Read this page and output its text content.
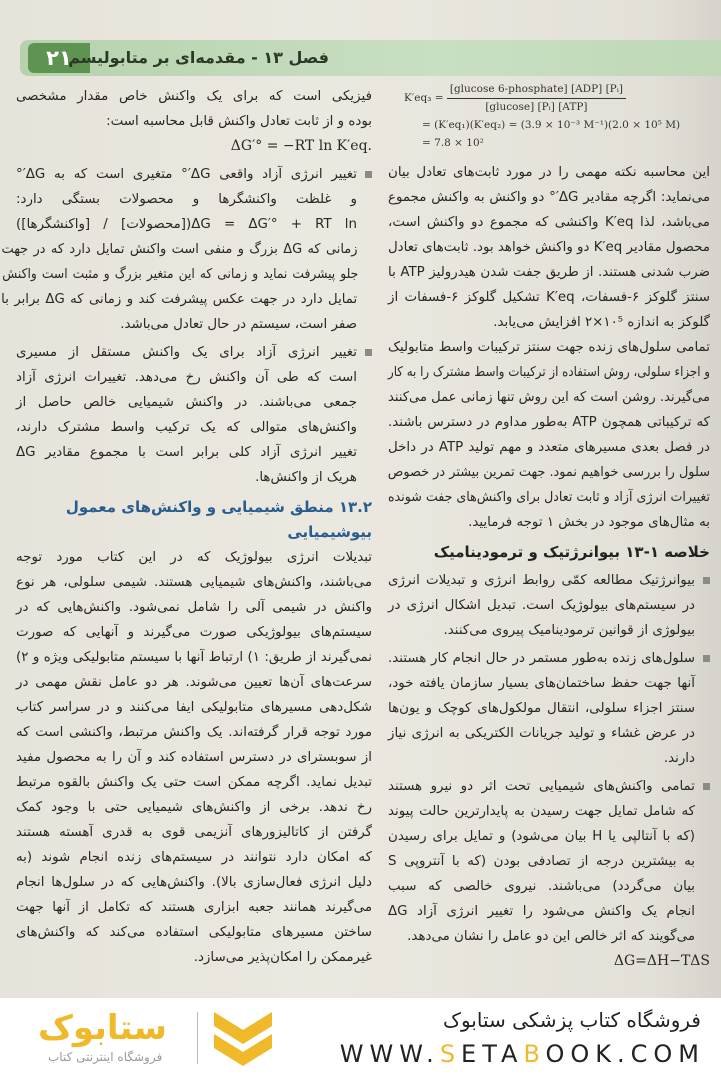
۲۱
فصل ۱۳ - مقدمه‌ای بر متابولیسم
$K'eq_3 = \frac{\text{[glucose 6-phosphate] [ADP] [Pᵢ]}}{\text{[glucose] [Pᵢ] [ATP]}}$
= (K′eq₁)(K′eq₂) = (3.9 × 10⁻³ M⁻¹)(2.0 × 10⁵ M)
= 7.8 × 10²
فیزیکی است که برای یک واکنش خاص مقدار مشخصی
بوده و از ثابت تعادل واکنش قابل محاسبه است:
ΔG′° = −RT ln K′eq.
تغییر انرژی آزاد واقعی ΔG′° متغیری است که به ΔG′°
و غلظت واکنشگرها و محصولات بستگی دارد:
ΔG = ΔG′° + RT ln([محصولات] / [واکنشگرها])
زمانی که ΔG بزرگ و منفی است واکنش تمایل دارد که در جهت
جلو پیشرفت نماید و زمانی که این متغیر بزرگ و مثبت است واکنش
تمایل دارد در جهت عکس پیشرفت کند و زمانی که ΔG برابر با
صفر است، سیستم در حال تعادل می‌باشد.
تغییر انرژی آزاد برای یک واکنش مستقل از مسیری
است که طی آن واکنش رخ می‌دهد. تغییرات انرژی آزاد
جمعی می‌باشند. در واکنش شیمیایی خالص حاصل از
واکنش‌های متوالی که یک ترکیب واسط مشترک دارند،
تغییر انرژی آزاد کلی برابر است با مجموع مقادیر ΔG
هریک از واکنش‌ها.
۱۳.۲ منطق شیمیایی و واکنش‌های معمول
بیوشیمیایی
تبدیلات انرژی بیولوژیک که در این کتاب مورد توجه
می‌باشند، واکنش‌های شیمیایی هستند. شیمی سلولی، هر نوع
واکنش در شیمی آلی را شامل نمی‌شود. واکنش‌هایی که در
سیستم‌های بیولوژیکی صورت می‌گیرند و آنهایی که صورت
نمی‌گیرند از طریق: ۱) ارتباط آنها با سیستم متابولیکی ویژه و ۲)
سرعت‌های آن‌ها تعیین می‌شوند. هر دو عامل نقش مهمی در
شکل‌دهی مسیرهای متابولیکی ایفا می‌کنند و در سراسر کتاب
مورد توجه قرار گرفته‌اند. یک واکنش مرتبط، واکنشی است که
از سوبسترای در دسترس استفاده کند و آن را به محصول مفید
تبدیل نماید. اگرچه ممکن است حتی یک واکنش بالقوه مرتبط
رخ ندهد. برخی از واکنش‌های شیمیایی حتی با وجود کمک
گرفتن از کاتالیزورهای آنزیمی قوی به قدری آهسته هستند
که امکان دارد نتوانند در سیستم‌های زنده انجام شوند (به
دلیل انرژی فعال‌سازی بالا). واکنش‌هایی که در سلول‌ها انجام
می‌گیرند همانند جعبه ابزاری هستند که تکامل از آنها جهت
ساختن مسیرهای متابولیکی استفاده می‌کند که واکنش‌های
غیرممکن را امکان‌پذیر می‌سازد.
این محاسبه نکته مهمی را در مورد ثابت‌های تعادل بیان
می‌نماید: اگرچه مقادیر ΔG′° دو واکنش به واکنش مجموع
می‌باشد، لذا K′eq واکنشی که مجموع دو واکنش است،
محصول مقادیر K′eq دو واکنش خواهد بود. ثابت‌های تعادل
ضرب شدنی هستند. از طریق جفت شدن هیدرولیز ATP با
سنتز گلوکز ۶-فسفات، K′eq تشکیل گلوکز ۶-فسفات از
گلوکز به اندازه ۱۰⁵×۲ افزایش می‌یابد.
تمامی سلول‌های زنده جهت سنتز ترکیبات واسط متابولیک
و اجزاء سلولی، روش استفاده از ترکیبات واسط مشترک را به کار
می‌گیرند. روشن است که این روش تنها زمانی عمل می‌کنند
که ترکیباتی همچون ATP به‌طور مداوم در دسترس باشند.
در فصل بعدی مسیرهای متعدد و مهم تولید ATP در داخل
سلول را بررسی خواهیم نمود. جهت تمرین بیشتر در خصوص
تغییرات انرژی آزاد و ثابت تعادل برای واکنش‌های جفت شونده
به مثال‌های موجود در بخش ۱ توجه فرمایید.
خلاصه ۱-۱۳ بیوانرژتیک و ترمودینامیک
بیوانرژتیک مطالعه کمّی روابط انرژی و تبدیلات انرژی
در سیستم‌های بیولوژیک است. تبدیل اشکال انرژی در
بیولوژی از قوانین ترمودینامیک پیروی می‌کنند.
سلول‌های زنده به‌طور مستمر در حال انجام کار هستند.
آنها جهت حفظ ساختمان‌های بسیار سازمان یافته خود،
سنتز اجزاء سلولی، انتقال مولکول‌های کوچک و یون‌ها
در عرض غشاء و تولید جریانات الکتریکی به انرژی نیاز
دارند.
تمامی واکنش‌های شیمیایی تحت اثر دو نیرو هستند
که شامل تمایل جهت رسیدن به پایدارترین حالت پیوند
(که با آنتالپی یا H بیان می‌شود) و تمایل برای رسیدن
به بیشترین درجه از تصادفی بودن (که با آنتروپی S
بیان می‌گردد) می‌باشند. نیروی خالصی که سبب
انجام یک واکنش می‌شود را تغییر انرژی آزاد ΔG
می‌گویند که اثر خالص این دو عامل را نشان می‌دهد.
ΔG=ΔH−TΔS
فروشگاه کتاب پزشکی ستابوک
WWW.SETABOOK.COM
ستابوک
فروشگاه اینترنتی کتاب
